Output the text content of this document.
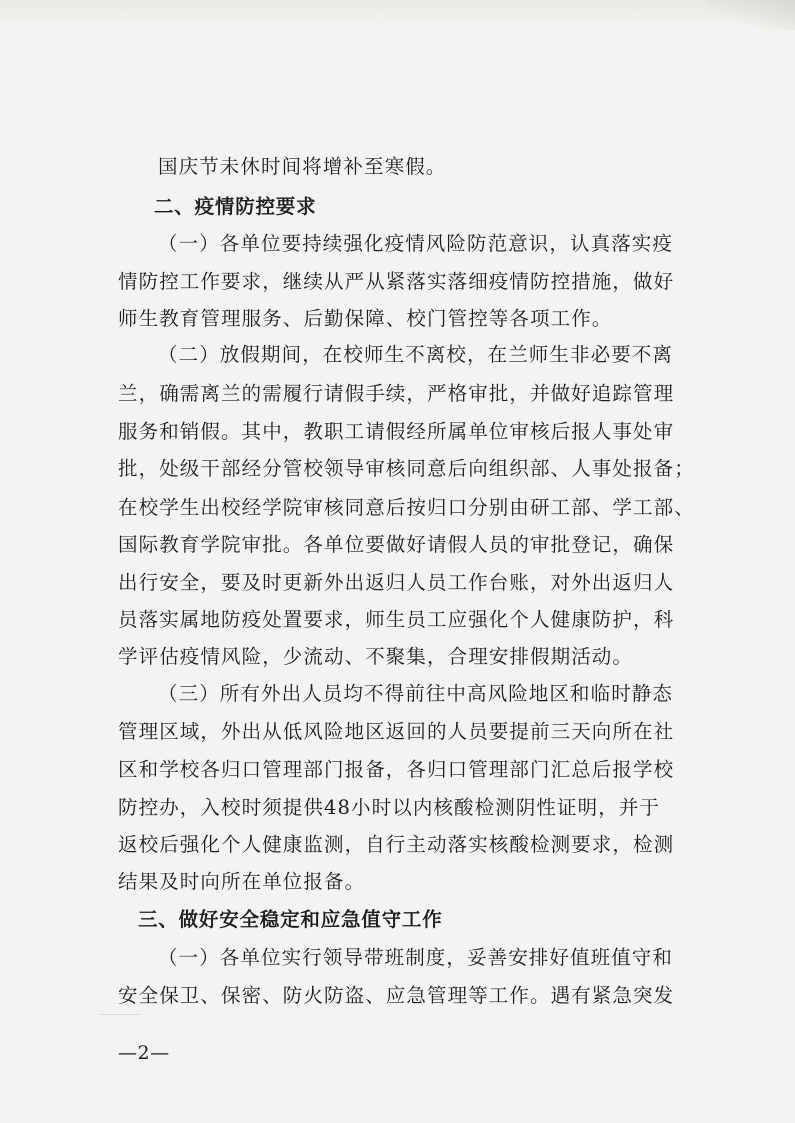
国庆节未休时间将增补至寒假。
二、疫情防控要求
（一）各单位要持续强化疫情风险防范意识，认真落实疫
情防控工作要求，继续从严从紧落实落细疫情防控措施，做好
师生教育管理服务、后勤保障、校门管控等各项工作。
（二）放假期间，在校师生不离校，在兰师生非必要不离
兰，确需离兰的需履行请假手续，严格审批，并做好追踪管理
服务和销假。其中，教职工请假经所属单位审核后报人事处审
批，处级干部经分管校领导审核同意后向组织部、人事处报备；
在校学生出校经学院审核同意后按归口分别由研工部、学工部、
国际教育学院审批。各单位要做好请假人员的审批登记，确保
出行安全，要及时更新外出返归人员工作台账，对外出返归人
员落实属地防疫处置要求，师生员工应强化个人健康防护，科
学评估疫情风险，少流动、不聚集，合理安排假期活动。
（三）所有外出人员均不得前往中高风险地区和临时静态
管理区域，外出从低风险地区返回的人员要提前三天向所在社
区和学校各归口管理部门报备，各归口管理部门汇总后报学校
防控办，入校时须提供48小时以内核酸检测阴性证明，并于
返校后强化个人健康监测，自行主动落实核酸检测要求，检测
结果及时向所在单位报备。
三、做好安全稳定和应急值守工作
（一）各单位实行领导带班制度，妥善安排好值班值守和
安全保卫、保密、防火防盗、应急管理等工作。遇有紧急突发
—2—
